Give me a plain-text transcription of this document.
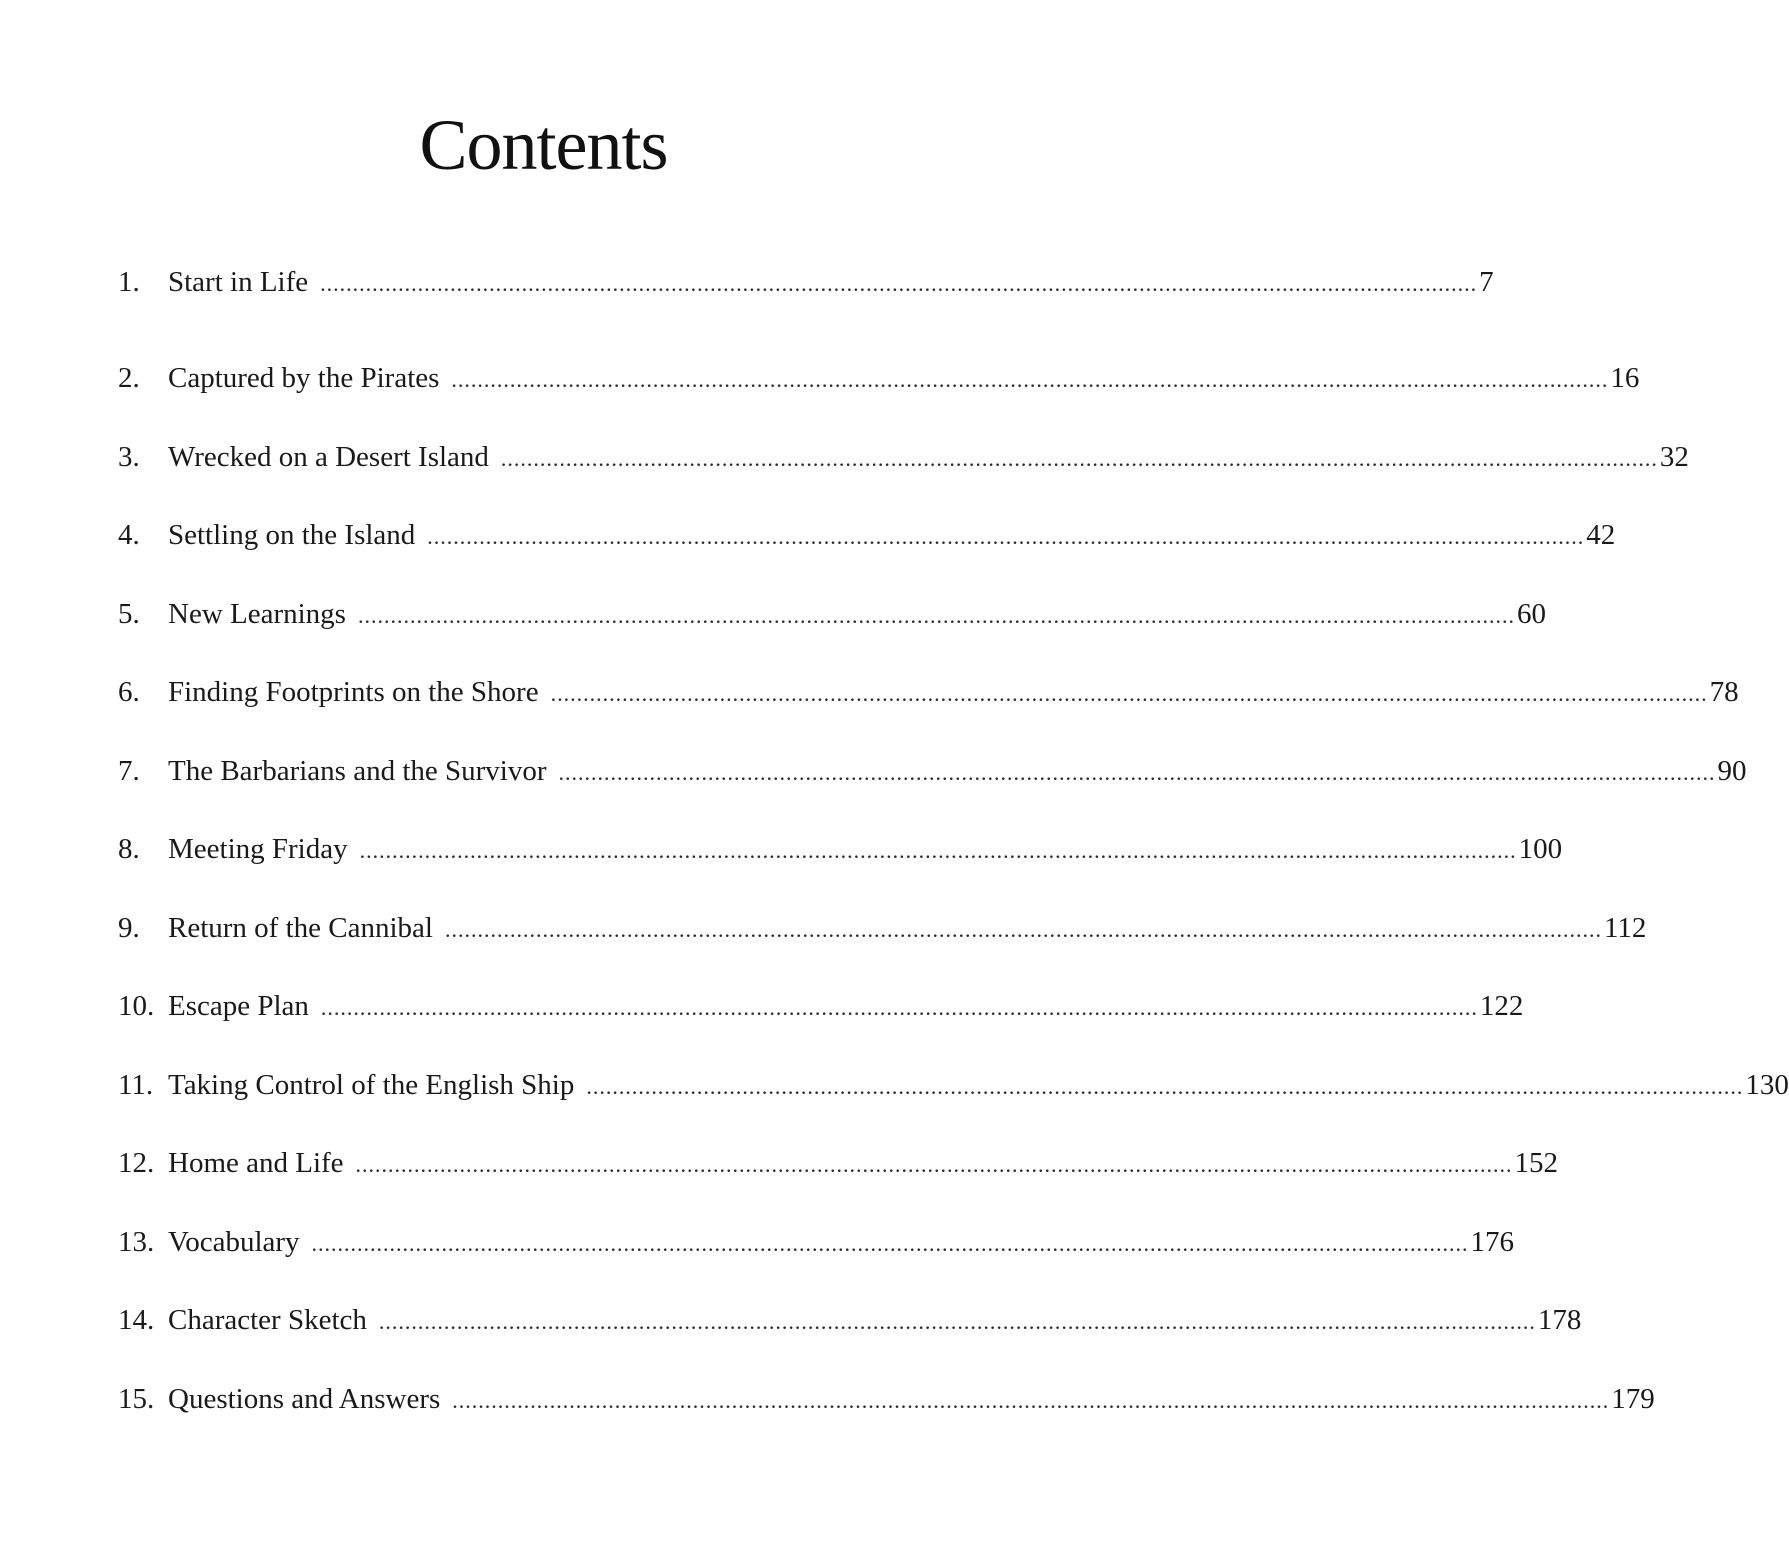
Contents
1. Start in Life .................................................................................................................................................................................. 7
2. Captured by the Pirates .................................................................................................................................................................................. 16
3. Wrecked on a Desert Island .................................................................................................................................................................................. 32
4. Settling on the Island .................................................................................................................................................................................. 42
5. New Learnings .................................................................................................................................................................................. 60
6. Finding Footprints on the Shore .................................................................................................................................................................................. 78
7. The Barbarians and the Survivor .................................................................................................................................................................................. 90
8. Meeting Friday .................................................................................................................................................................................. 100
9. Return of the Cannibal .................................................................................................................................................................................. 112
10. Escape Plan .................................................................................................................................................................................. 122
11. Taking Control of the English Ship .................................................................................................................................................................................. 130
12. Home and Life .................................................................................................................................................................................. 152
13. Vocabulary .................................................................................................................................................................................. 176
14. Character Sketch .................................................................................................................................................................................. 178
15. Questions and Answers .................................................................................................................................................................................. 179
